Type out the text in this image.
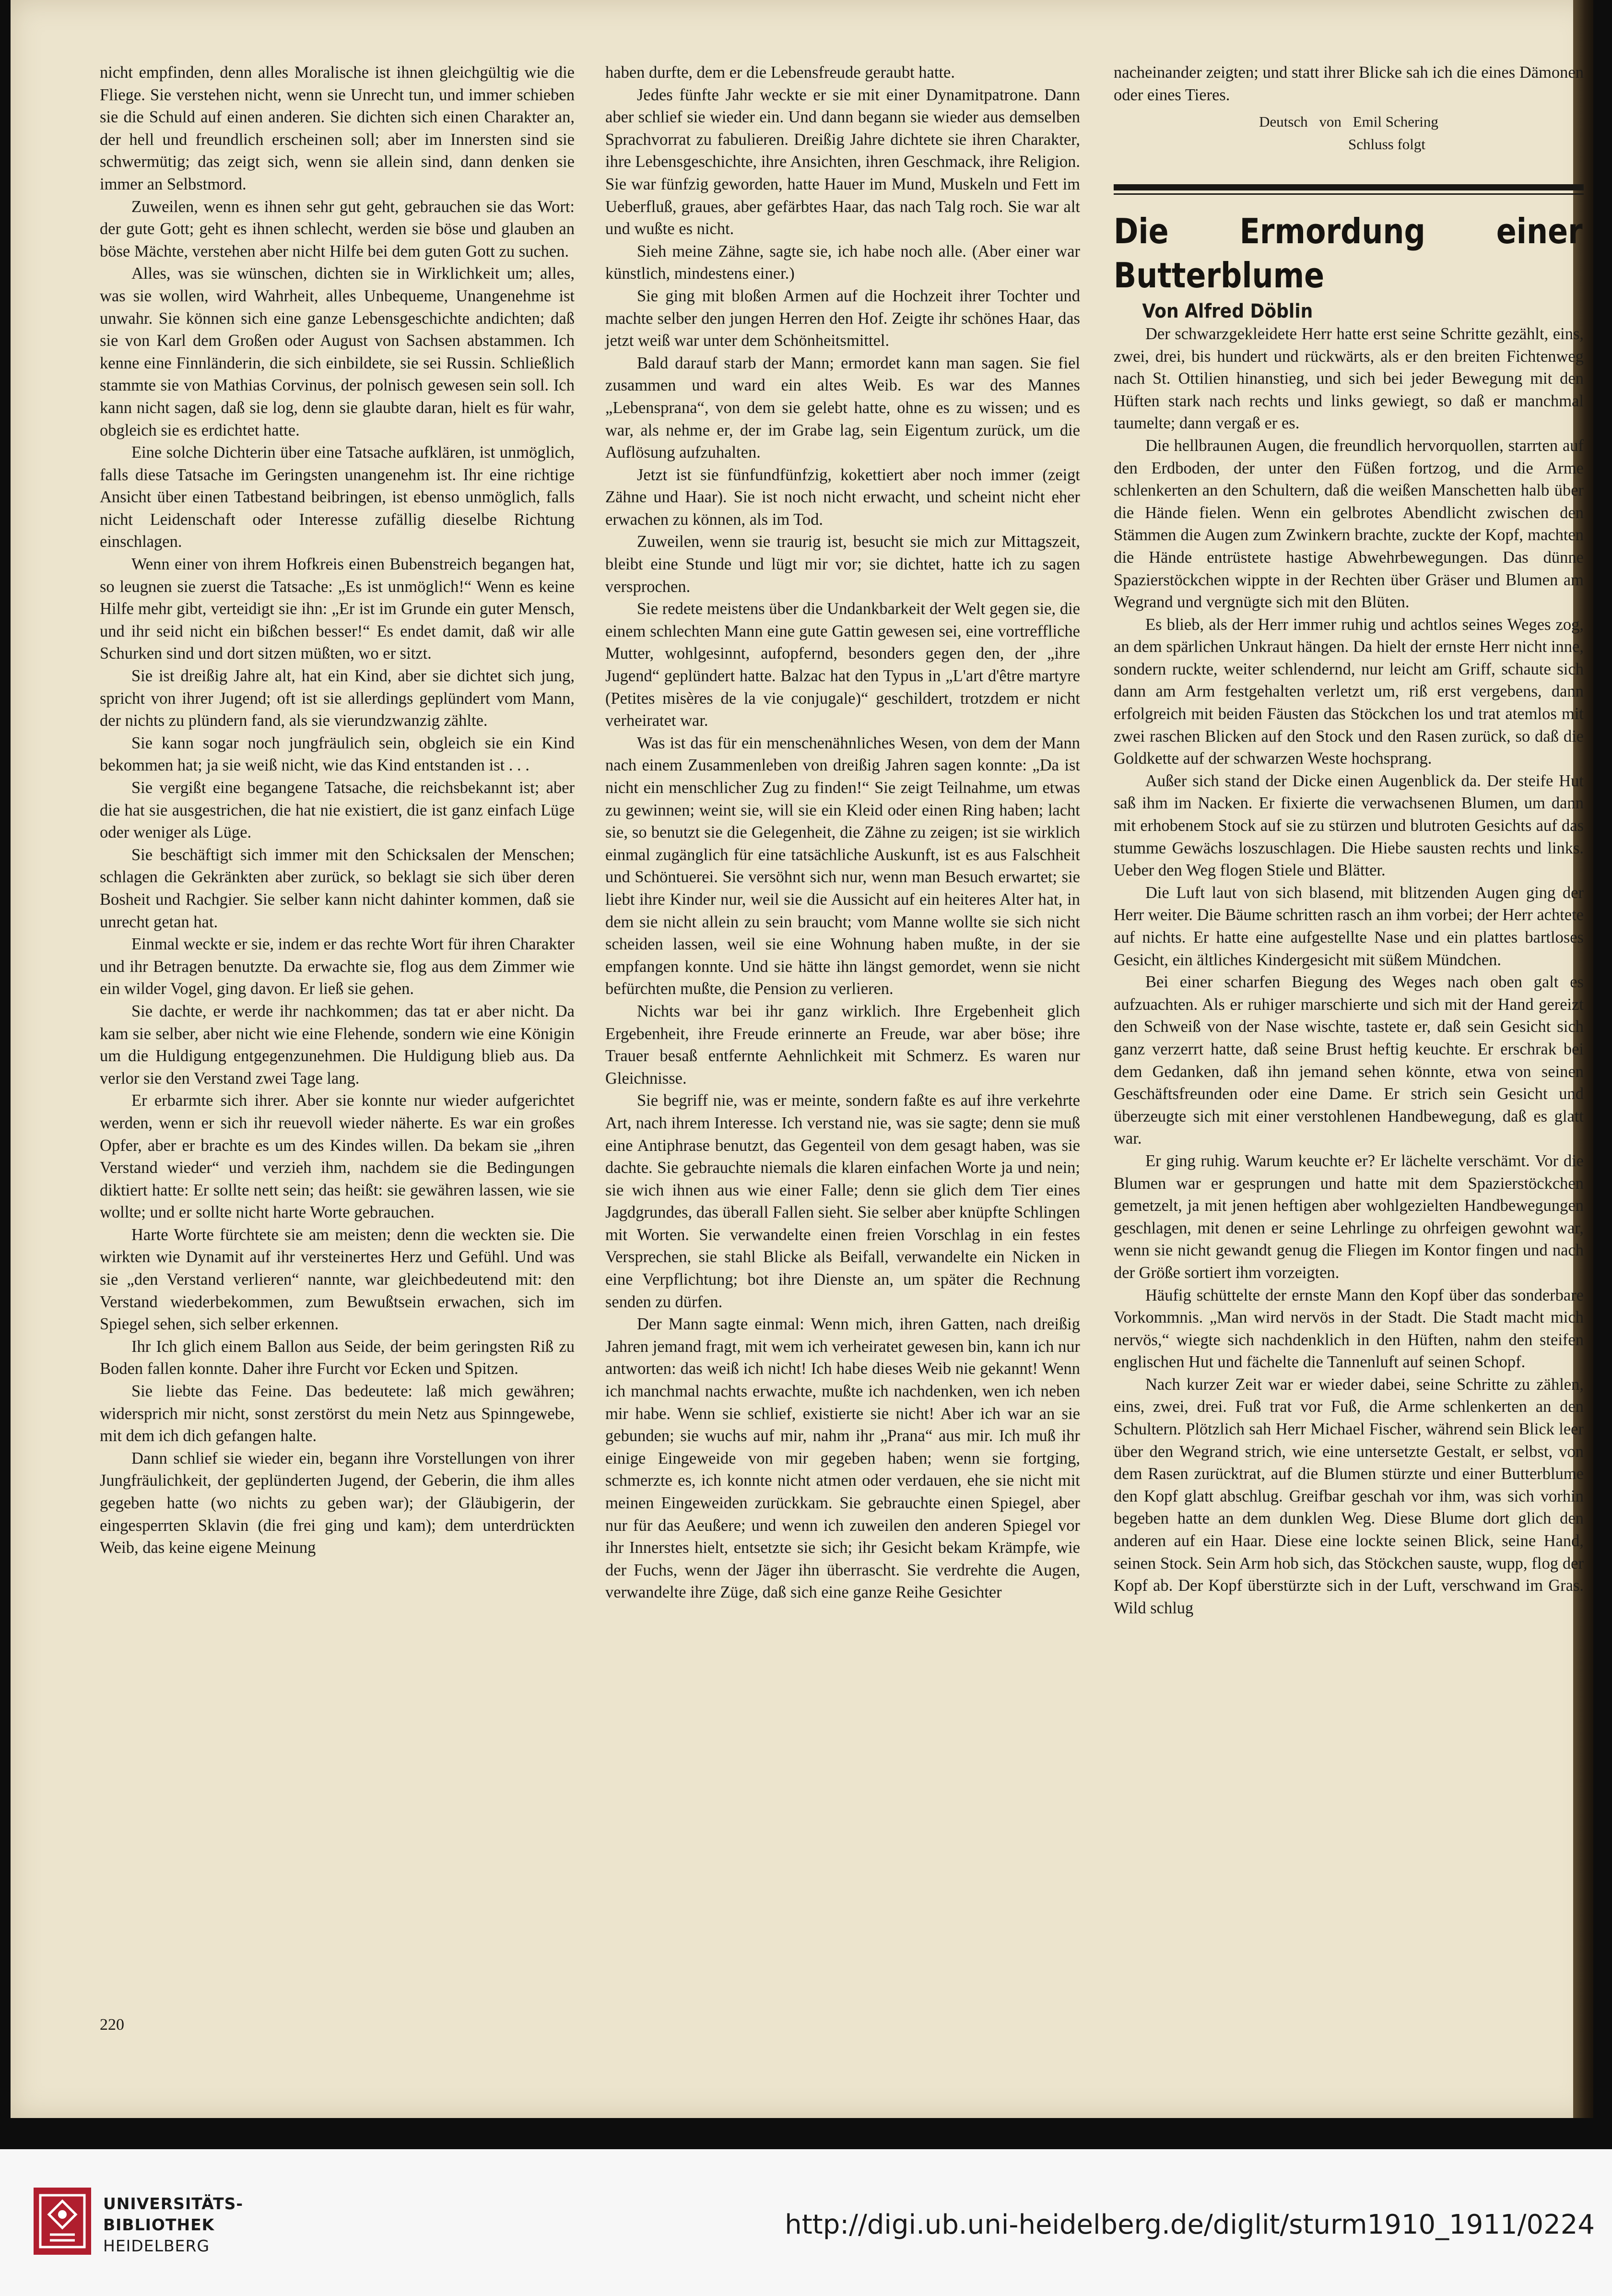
nicht empfinden, denn alles Moralische ist ihnen gleichgültig wie die Fliege. Sie verstehen nicht, wenn sie Unrecht tun, und immer schieben sie die Schuld auf einen anderen. Sie dichten sich einen Charakter an, der hell und freundlich erscheinen soll; aber im Innersten sind sie schwermütig; das zeigt sich, wenn sie allein sind, dann denken sie immer an Selbstmord.

Zuweilen, wenn es ihnen sehr gut geht, gebrauchen sie das Wort: der gute Gott; geht es ihnen schlecht, werden sie böse und glauben an böse Mächte, verstehen aber nicht Hilfe bei dem guten Gott zu suchen.

Alles, was sie wünschen, dichten sie in Wirklichkeit um; alles, was sie wollen, wird Wahrheit, alles Unbequeme, Unangenehme ist unwahr. Sie können sich eine ganze Lebensgeschichte andichten; daß sie von Karl dem Großen oder August von Sachsen abstammen. Ich kenne eine Finnländerin, die sich einbildete, sie sei Russin. Schließlich stammte sie von Mathias Corvinus, der polnisch gewesen sein soll. Ich kann nicht sagen, daß sie log, denn sie glaubte daran, hielt es für wahr, obgleich sie es erdichtet hatte.

Eine solche Dichterin über eine Tatsache aufklären, ist unmöglich, falls diese Tatsache im Geringsten unangenehm ist. Ihr eine richtige Ansicht über einen Tatbestand beibringen, ist ebenso unmöglich, falls nicht Leidenschaft oder Interesse zufällig dieselbe Richtung einschlagen.

Wenn einer von ihrem Hofkreis einen Bubenstreich begangen hat, so leugnen sie zuerst die Tatsache: „Es ist unmöglich!“ Wenn es keine Hilfe mehr gibt, verteidigt sie ihn: „Er ist im Grunde ein guter Mensch, und ihr seid nicht ein bißchen besser!“ Es endet damit, daß wir alle Schurken sind und dort sitzen müßten, wo er sitzt.

Sie ist dreißig Jahre alt, hat ein Kind, aber sie dichtet sich jung, spricht von ihrer Jugend; oft ist sie allerdings geplündert vom Mann, der nichts zu plündern fand, als sie vierundzwanzig zählte.

Sie kann sogar noch jungfräulich sein, obgleich sie ein Kind bekommen hat; ja sie weiß nicht, wie das Kind entstanden ist . . .

Sie vergißt eine begangene Tatsache, die reichsbekannt ist; aber die hat sie ausgestrichen, die hat nie existiert, die ist ganz einfach Lüge oder weniger als Lüge.

Sie beschäftigt sich immer mit den Schicksalen der Menschen; schlagen die Gekränkten aber zurück, so beklagt sie sich über deren Bosheit und Rachgier. Sie selber kann nicht dahinter kommen, daß sie unrecht getan hat.

Einmal weckte er sie, indem er das rechte Wort für ihren Charakter und ihr Betragen benutzte. Da erwachte sie, flog aus dem Zimmer wie ein wilder Vogel, ging davon. Er ließ sie gehen.

Sie dachte, er werde ihr nachkommen; das tat er aber nicht. Da kam sie selber, aber nicht wie eine Flehende, sondern wie eine Königin um die Huldigung entgegenzunehmen. Die Huldigung blieb aus. Da verlor sie den Verstand zwei Tage lang.

Er erbarmte sich ihrer. Aber sie konnte nur wieder aufgerichtet werden, wenn er sich ihr reuevoll wieder näherte. Es war ein großes Opfer, aber er brachte es um des Kindes willen. Da bekam sie „ihren Verstand wieder“ und verzieh ihm, nachdem sie die Bedingungen diktiert hatte: Er sollte nett sein; das heißt: sie gewähren lassen, wie sie wollte; und er sollte nicht harte Worte gebrauchen.

Harte Worte fürchtete sie am meisten; denn die weckten sie. Die wirkten wie Dynamit auf ihr versteinertes Herz und Gefühl. Und was sie „den Verstand verlieren“ nannte, war gleichbedeutend mit: den Verstand wiederbekommen, zum Bewußtsein erwachen, sich im Spiegel sehen, sich selber erkennen.

Ihr Ich glich einem Ballon aus Seide, der beim geringsten Riß zu Boden fallen konnte. Daher ihre Furcht vor Ecken und Spitzen.

Sie liebte das Feine. Das bedeutete: laß mich gewähren; widersprich mir nicht, sonst zerstörst du mein Netz aus Spinngewebe, mit dem ich dich gefangen halte.

Dann schlief sie wieder ein, begann ihre Vorstellungen von ihrer Jungfräulichkeit, der geplünderten Jugend, der Geberin, die ihm alles gegeben hatte (wo nichts zu geben war); der Gläubigerin, der eingesperrten Sklavin (die frei ging und kam); dem unterdrückten Weib, das keine eigene Meinung

haben durfte, dem er die Lebensfreude geraubt hatte.

Jedes fünfte Jahr weckte er sie mit einer Dynamitpatrone. Dann aber schlief sie wieder ein. Und dann begann sie wieder aus demselben Sprachvorrat zu fabulieren. Dreißig Jahre dichtete sie ihren Charakter, ihre Lebensgeschichte, ihre Ansichten, ihren Geschmack, ihre Religion. Sie war fünfzig geworden, hatte Hauer im Mund, Muskeln und Fett im Ueberfluß, graues, aber gefärbtes Haar, das nach Talg roch. Sie war alt und wußte es nicht.

Sieh meine Zähne, sagte sie, ich habe noch alle. (Aber einer war künstlich, mindestens einer.)

Sie ging mit bloßen Armen auf die Hochzeit ihrer Tochter und machte selber den jungen Herren den Hof. Zeigte ihr schönes Haar, das jetzt weiß war unter dem Schönheitsmittel.

Bald darauf starb der Mann; ermordet kann man sagen. Sie fiel zusammen und ward ein altes Weib. Es war des Mannes „Lebensprana“, von dem sie gelebt hatte, ohne es zu wissen; und es war, als nehme er, der im Grabe lag, sein Eigentum zurück, um die Auflösung aufzuhalten.

Jetzt ist sie fünfundfünfzig, kokettiert aber noch immer (zeigt Zähne und Haar). Sie ist noch nicht erwacht, und scheint nicht eher erwachen zu können, als im Tod.

Zuweilen, wenn sie traurig ist, besucht sie mich zur Mittagszeit, bleibt eine Stunde und lügt mir vor; sie dichtet, hatte ich zu sagen versprochen.

Sie redete meistens über die Undankbarkeit der Welt gegen sie, die einem schlechten Mann eine gute Gattin gewesen sei, eine vortreffliche Mutter, wohlgesinnt, aufopfernd, besonders gegen den, der „ihre Jugend“ geplündert hatte. Balzac hat den Typus in „L'art d'être martyre (Petites misères de la vie conjugale)“ geschildert, trotzdem er nicht verheiratet war.

Was ist das für ein menschenähnliches Wesen, von dem der Mann nach einem Zusammenleben von dreißig Jahren sagen konnte: „Da ist nicht ein menschlicher Zug zu finden!“ Sie zeigt Teilnahme, um etwas zu gewinnen; weint sie, will sie ein Kleid oder einen Ring haben; lacht sie, so benutzt sie die Gelegenheit, die Zähne zu zeigen; ist sie wirklich einmal zugänglich für eine tatsächliche Auskunft, ist es aus Falschheit und Schöntuerei. Sie versöhnt sich nur, wenn man Besuch erwartet; sie liebt ihre Kinder nur, weil sie die Aussicht auf ein heiteres Alter hat, in dem sie nicht allein zu sein braucht; vom Manne wollte sie sich nicht scheiden lassen, weil sie eine Wohnung haben mußte, in der sie empfangen konnte. Und sie hätte ihn längst gemordet, wenn sie nicht befürchten mußte, die Pension zu verlieren.

Nichts war bei ihr ganz wirklich. Ihre Ergebenheit glich Ergebenheit, ihre Freude erinnerte an Freude, war aber böse; ihre Trauer besaß entfernte Aehnlichkeit mit Schmerz. Es waren nur Gleichnisse.

Sie begriff nie, was er meinte, sondern faßte es auf ihre verkehrte Art, nach ihrem Interesse. Ich verstand nie, was sie sagte; denn sie muß eine Antiphrase benutzt, das Gegenteil von dem gesagt haben, was sie dachte. Sie gebrauchte niemals die klaren einfachen Worte ja und nein; sie wich ihnen aus wie einer Falle; denn sie glich dem Tier eines Jagdgrundes, das überall Fallen sieht. Sie selber aber knüpfte Schlingen mit Worten. Sie verwandelte einen freien Vorschlag in ein festes Versprechen, sie stahl Blicke als Beifall, verwandelte ein Nicken in eine Verpflichtung; bot ihre Dienste an, um später die Rechnung senden zu dürfen.

Der Mann sagte einmal: Wenn mich, ihren Gatten, nach dreißig Jahren jemand fragt, mit wem ich verheiratet gewesen bin, kann ich nur antworten: das weiß ich nicht! Ich habe dieses Weib nie gekannt! Wenn ich manchmal nachts erwachte, mußte ich nachdenken, wen ich neben mir habe. Wenn sie schlief, existierte sie nicht! Aber ich war an sie gebunden; sie wuchs auf mir, nahm ihr „Prana“ aus mir. Ich muß ihr einige Eingeweide von mir gegeben haben; wenn sie fortging, schmerzte es, ich konnte nicht atmen oder verdauen, ehe sie nicht mit meinen Eingeweiden zurückkam. Sie gebrauchte einen Spiegel, aber nur für das Aeußere; und wenn ich zuweilen den anderen Spiegel vor ihr Innerstes hielt, entsetzte sie sich; ihr Gesicht bekam Krämpfe, wie der Fuchs, wenn der Jäger ihn überrascht. Sie verdrehte die Augen, verwandelte ihre Züge, daß sich eine ganze Reihe Gesichter

nacheinander zeigten; und statt ihrer Blicke sah ich die eines Dämonen oder eines Tieres.

Deutsch von Emil Schering

Schluss folgt

Die Ermordung einer Butterblume

Von Alfred Döblin

Der schwarzgekleidete Herr hatte erst seine Schritte gezählt, eins, zwei, drei, bis hundert und rückwärts, als er den breiten Fichtenweg nach St. Ottilien hinanstieg, und sich bei jeder Bewegung mit den Hüften stark nach rechts und links gewiegt, so daß er manchmal taumelte; dann vergaß er es.

Die hellbraunen Augen, die freundlich hervorquollen, starrten auf den Erdboden, der unter den Füßen fortzog, und die Arme schlenkerten an den Schultern, daß die weißen Manschetten halb über die Hände fielen. Wenn ein gelbrotes Abendlicht zwischen den Stämmen die Augen zum Zwinkern brachte, zuckte der Kopf, machten die Hände entrüstete hastige Abwehrbewegungen. Das dünne Spazierstöckchen wippte in der Rechten über Gräser und Blumen am Wegrand und vergnügte sich mit den Blüten.

Es blieb, als der Herr immer ruhig und achtlos seines Weges zog, an dem spärlichen Unkraut hängen. Da hielt der ernste Herr nicht inne, sondern ruckte, weiter schlendernd, nur leicht am Griff, schaute sich dann am Arm festgehalten verletzt um, riß erst vergebens, dann erfolgreich mit beiden Fäusten das Stöckchen los und trat atemlos mit zwei raschen Blicken auf den Stock und den Rasen zurück, so daß die Goldkette auf der schwarzen Weste hochsprang.

Außer sich stand der Dicke einen Augenblick da. Der steife Hut saß ihm im Nacken. Er fixierte die verwachsenen Blumen, um dann mit erhobenem Stock auf sie zu stürzen und blutroten Gesichts auf das stumme Gewächs loszuschlagen. Die Hiebe sausten rechts und links. Ueber den Weg flogen Stiele und Blätter.

Die Luft laut von sich blasend, mit blitzenden Augen ging der Herr weiter. Die Bäume schritten rasch an ihm vorbei; der Herr achtete auf nichts. Er hatte eine aufgestellte Nase und ein plattes bartloses Gesicht, ein ältliches Kindergesicht mit süßem Mündchen.

Bei einer scharfen Biegung des Weges nach oben galt es aufzuachten. Als er ruhiger marschierte und sich mit der Hand gereizt den Schweiß von der Nase wischte, tastete er, daß sein Gesicht sich ganz verzerrt hatte, daß seine Brust heftig keuchte. Er erschrak bei dem Gedanken, daß ihn jemand sehen könnte, etwa von seinen Geschäftsfreunden oder eine Dame. Er strich sein Gesicht und überzeugte sich mit einer verstohlenen Handbewegung, daß es glatt war.

Er ging ruhig. Warum keuchte er? Er lächelte verschämt. Vor die Blumen war er gesprungen und hatte mit dem Spazierstöckchen gemetzelt, ja mit jenen heftigen aber wohlgezielten Handbewegungen geschlagen, mit denen er seine Lehrlinge zu ohrfeigen gewohnt war, wenn sie nicht gewandt genug die Fliegen im Kontor fingen und nach der Größe sortiert ihm vorzeigten.

Häufig schüttelte der ernste Mann den Kopf über das sonderbare Vorkommnis. „Man wird nervös in der Stadt. Die Stadt macht mich nervös,“ wiegte sich nachdenklich in den Hüften, nahm den steifen englischen Hut und fächelte die Tannenluft auf seinen Schopf.

Nach kurzer Zeit war er wieder dabei, seine Schritte zu zählen, eins, zwei, drei. Fuß trat vor Fuß, die Arme schlenkerten an den Schultern. Plötzlich sah Herr Michael Fischer, während sein Blick leer über den Wegrand strich, wie eine untersetzte Gestalt, er selbst, von dem Rasen zurücktrat, auf die Blumen stürzte und einer Butterblume den Kopf glatt abschlug. Greifbar geschah vor ihm, was sich vorhin begeben hatte an dem dunklen Weg. Diese Blume dort glich den anderen auf ein Haar. Diese eine lockte seinen Blick, seine Hand, seinen Stock. Sein Arm hob sich, das Stöckchen sauste, wupp, flog der Kopf ab. Der Kopf überstürzte sich in der Luft, verschwand im Gras. Wild schlug

220
UNIVERSITÄTS-
BIBLIOTHEK
HEIDELBERG
http://digi.ub.uni-heidelberg.de/diglit/sturm1910_1911/0224
